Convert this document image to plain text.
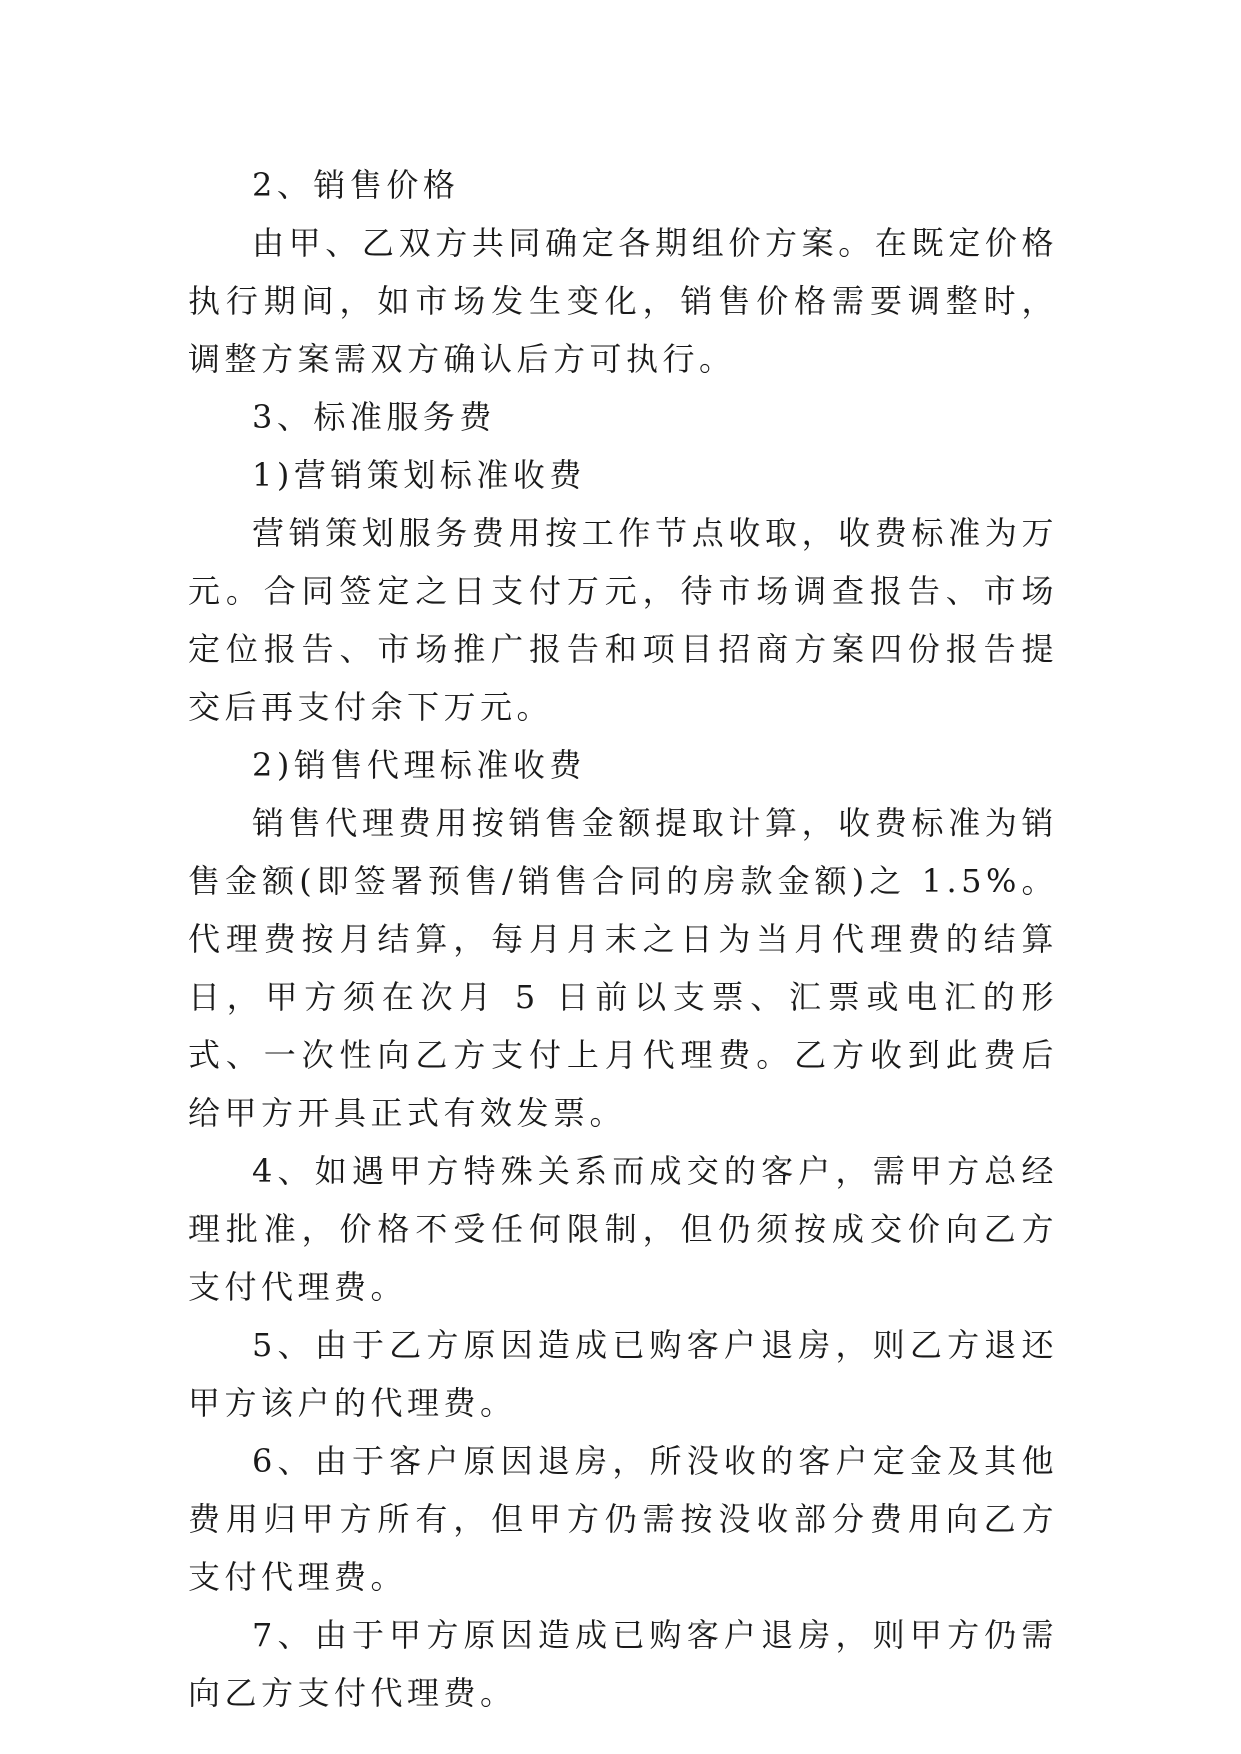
2、销售价格

由甲、乙双方共同确定各期组价方案。在既定价格执行期间，如市场发生变化，销售价格需要调整时，调整方案需双方确认后方可执行。

3、标准服务费

1)营销策划标准收费

营销策划服务费用按工作节点收取，收费标准为万元。合同签定之日支付万元，待市场调查报告、市场定位报告、市场推广报告和项目招商方案四份报告提交后再支付余下万元。

2)销售代理标准收费

销售代理费用按销售金额提取计算，收费标准为销售金额(即签署预售/销售合同的房款金额)之 1.5%。代理费按月结算，每月月末之日为当月代理费的结算日，甲方须在次月 5 日前以支票、汇票或电汇的形式、一次性向乙方支付上月代理费。乙方收到此费后给甲方开具正式有效发票。

4、如遇甲方特殊关系而成交的客户，需甲方总经理批准，价格不受任何限制，但仍须按成交价向乙方支付代理费。

5、由于乙方原因造成已购客户退房，则乙方退还甲方该户的代理费。

6、由于客户原因退房，所没收的客户定金及其他费用归甲方所有，但甲方仍需按没收部分费用向乙方支付代理费。

7、由于甲方原因造成已购客户退房，则甲方仍需向乙方支付代理费。
